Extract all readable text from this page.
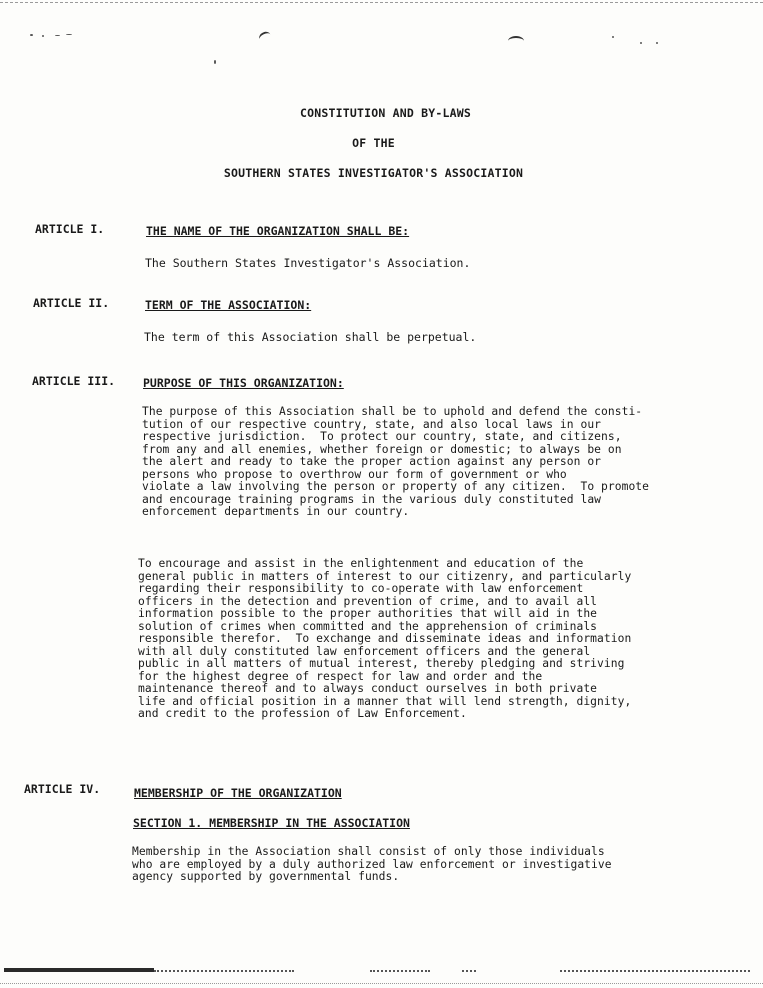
CONSTITUTION AND BY-LAWS
OF THE
SOUTHERN STATES INVESTIGATOR'S ASSOCIATION
ARTICLE I.	THE NAME OF THE ORGANIZATION SHALL BE:
The Southern States Investigator's Association.
ARTICLE II.	TERM OF THE ASSOCIATION:
The term of this Association shall be perpetual.
ARTICLE III. PURPOSE OF THIS ORGANIZATION:
The purpose of this Association shall be to uphold and defend the consti-
tution of our respective country, state, and also local laws in our
respective jurisdiction.  To protect our country, state, and citizens,
from any and all enemies, whether foreign or domestic; to always be on
the alert and ready to take the proper action against any person or
persons who propose to overthrow our form of government or who
violate a law involving the person or property of any citizen.  To promote
and encourage training programs in the various duly constituted law
enforcement departments in our country.
To encourage and assist in the enlightenment and education of the
general public in matters of interest to our citizenry, and particularly
regarding their responsibility to co-operate with law enforcement
officers in the detection and prevention of crime, and to avail all
information possible to the proper authorities that will aid in the
solution of crimes when committed and the apprehension of criminals
responsible therefor.  To exchange and disseminate ideas and information
with all duly constituted law enforcement officers and the general
public in all matters of mutual interest, thereby pledging and striving
for the highest degree of respect for law and order and the
maintenance thereof and to always conduct ourselves in both private
life and official position in a manner that will lend strength, dignity,
and credit to the profession of Law Enforcement.
ARTICLE IV.	MEMBERSHIP OF THE ORGANIZATION
SECTION 1. MEMBERSHIP IN THE ASSOCIATION
Membership in the Association shall consist of only those individuals
who are employed by a duly authorized law enforcement or investigative
agency supported by governmental funds.
